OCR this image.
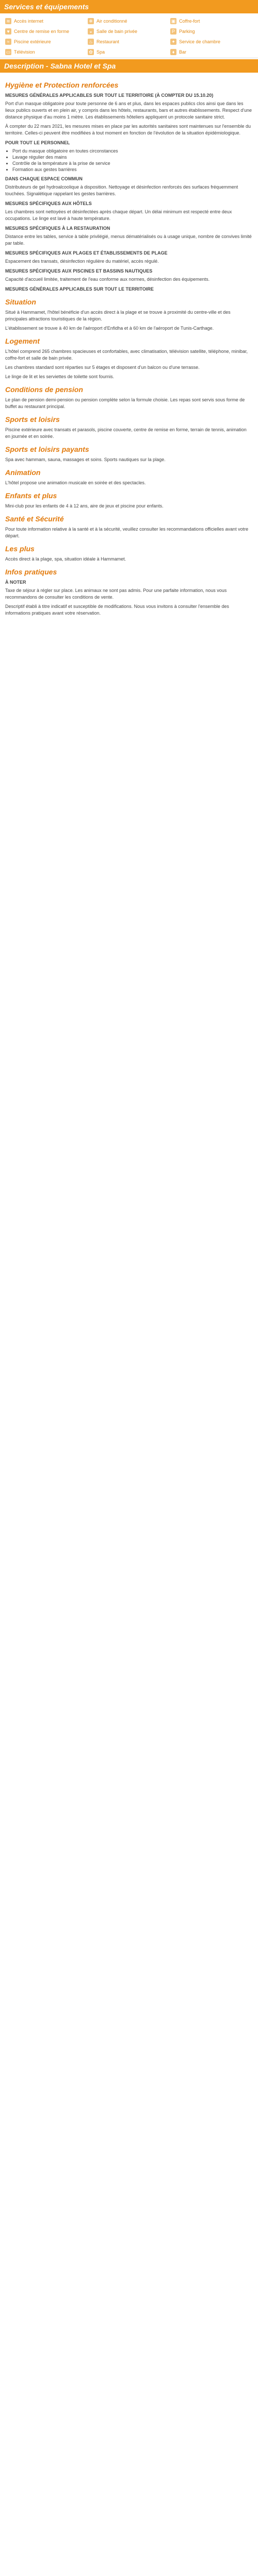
Services et équipements
≋ Accès internet	❄ Air conditionné	▣ Coffre-fort
♥ Centre de remise en forme	◒ Salle de bain privée	P Parking
≈ Piscine extérieure	♨ Restaurant	✦ Service de chambre
▭ Télévision	✿ Spa	♦ Bar
Description - Sabna Hotel et Spa
Hygiène et Protection renforcées

MESURES GÉNÉRALES APPLICABLES SUR TOUT LE TERRITOIRE (À COMPTER DU 15.10.20)

Port d'un masque obligatoire pour toute personne de 6 ans et plus, dans les espaces publics clos ainsi que dans les lieux publics ouverts et en plein air, y compris dans les hôtels, restaurants, bars et autres établissements. Respect d'une distance physique d'au moins 1 mètre. Les établissements hôteliers appliquent un protocole sanitaire strict.

À compter du 22 mars 2021, les mesures mises en place par les autorités sanitaires sont maintenues sur l'ensemble du territoire. Celles-ci peuvent être modifiées à tout moment en fonction de l'évolution de la situation épidémiologique.

POUR TOUT LE PERSONNEL

• Port du masque obligatoire en toutes circonstances
• Lavage régulier des mains
• Contrôle de la température à la prise de service
• Formation aux gestes barrières

DANS CHAQUE ESPACE COMMUN

Distributeurs de gel hydroalcoolique à disposition. Nettoyage et désinfection renforcés des surfaces fréquemment touchées. Signalétique rappelant les gestes barrières.

MESURES SPÉCIFIQUES AUX HÔTELS

Les chambres sont nettoyées et désinfectées après chaque départ. Un délai minimum est respecté entre deux occupations. Le linge est lavé à haute température.

MESURES SPÉCIFIQUES À LA RESTAURATION

Distance entre les tables, service à table privilégié, menus dématérialisés ou à usage unique, nombre de convives limité par table.

MESURES SPÉCIFIQUES AUX PLAGES ET ÉTABLISSEMENTS DE PLAGE

Espacement des transats, désinfection régulière du matériel, accès régulé.

MESURES SPÉCIFIQUES AUX PISCINES ET BASSINS NAUTIQUES

Capacité d'accueil limitée, traitement de l'eau conforme aux normes, désinfection des équipements.

MESURES GÉNÉRALES APPLICABLES SUR TOUT LE TERRITOIRE

Situation

Situé à Hammamet, l'hôtel bénéficie d'un accès direct à la plage et se trouve à proximité du centre-ville et des principales attractions touristiques de la région.

L'établissement se trouve à 40 km de l'aéroport d'Enfidha et à 60 km de l'aéroport de Tunis-Carthage.

Logement

L'hôtel comprend 265 chambres spacieuses et confortables, avec climatisation, télévision satellite, téléphone, minibar, coffre-fort et salle de bain privée.

Les chambres standard sont réparties sur 5 étages et disposent d'un balcon ou d'une terrasse.

Le linge de lit et les serviettes de toilette sont fournis.

Conditions de pension

Le plan de pension demi-pension ou pension complète selon la formule choisie. Les repas sont servis sous forme de buffet au restaurant principal.

Sports et loisirs

Piscine extérieure avec transats et parasols, piscine couverte, centre de remise en forme, terrain de tennis, animation en journée et en soirée.

Sports et loisirs payants

Spa avec hammam, sauna, massages et soins. Sports nautiques sur la plage.

Animation

L'hôtel propose une animation musicale en soirée et des spectacles.

Enfants et plus

Mini-club pour les enfants de 4 à 12 ans, aire de jeux et piscine pour enfants.

Santé et Sécurité

Pour toute information relative à la santé et à la sécurité, veuillez consulter les recommandations officielles avant votre départ.

Les plus

Accès direct à la plage, spa, situation idéale à Hammamet.

Infos pratiques

À NOTER

Taxe de séjour à régler sur place. Les animaux ne sont pas admis. Pour une parfaite information, nous vous recommandons de consulter les conditions de vente.

Descriptif établi à titre indicatif et susceptible de modifications. Nous vous invitons à consulter l'ensemble des informations pratiques avant votre réservation.
